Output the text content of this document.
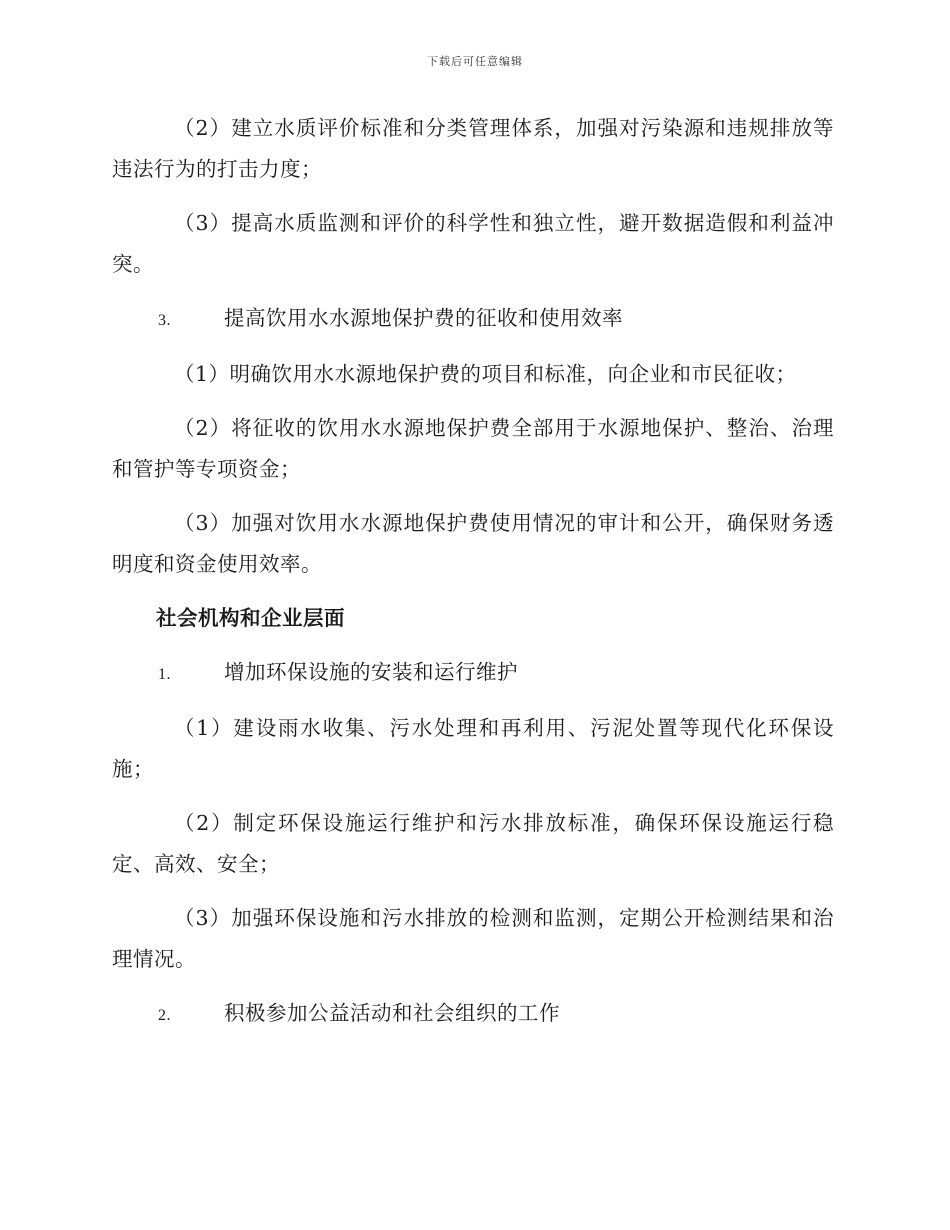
下载后可任意编辑

（2）建立水质评价标准和分类管理体系，加强对污染源和违规排放等违法行为的打击力度；

（3）提高水质监测和评价的科学性和独立性，避开数据造假和利益冲突。

3.	提高饮用水水源地保护费的征收和使用效率

（1）明确饮用水水源地保护费的项目和标准，向企业和市民征收；

（2）将征收的饮用水水源地保护费全部用于水源地保护、整治、治理和管护等专项资金；

（3）加强对饮用水水源地保护费使用情况的审计和公开，确保财务透明度和资金使用效率。

社会机构和企业层面
1.	增加环保设施的安装和运行维护

（1）建设雨水收集、污水处理和再利用、污泥处置等现代化环保设施；

（2）制定环保设施运行维护和污水排放标准，确保环保设施运行稳定、高效、安全；

（3）加强环保设施和污水排放的检测和监测，定期公开检测结果和治理情况。

2.	积极参加公益活动和社会组织的工作
